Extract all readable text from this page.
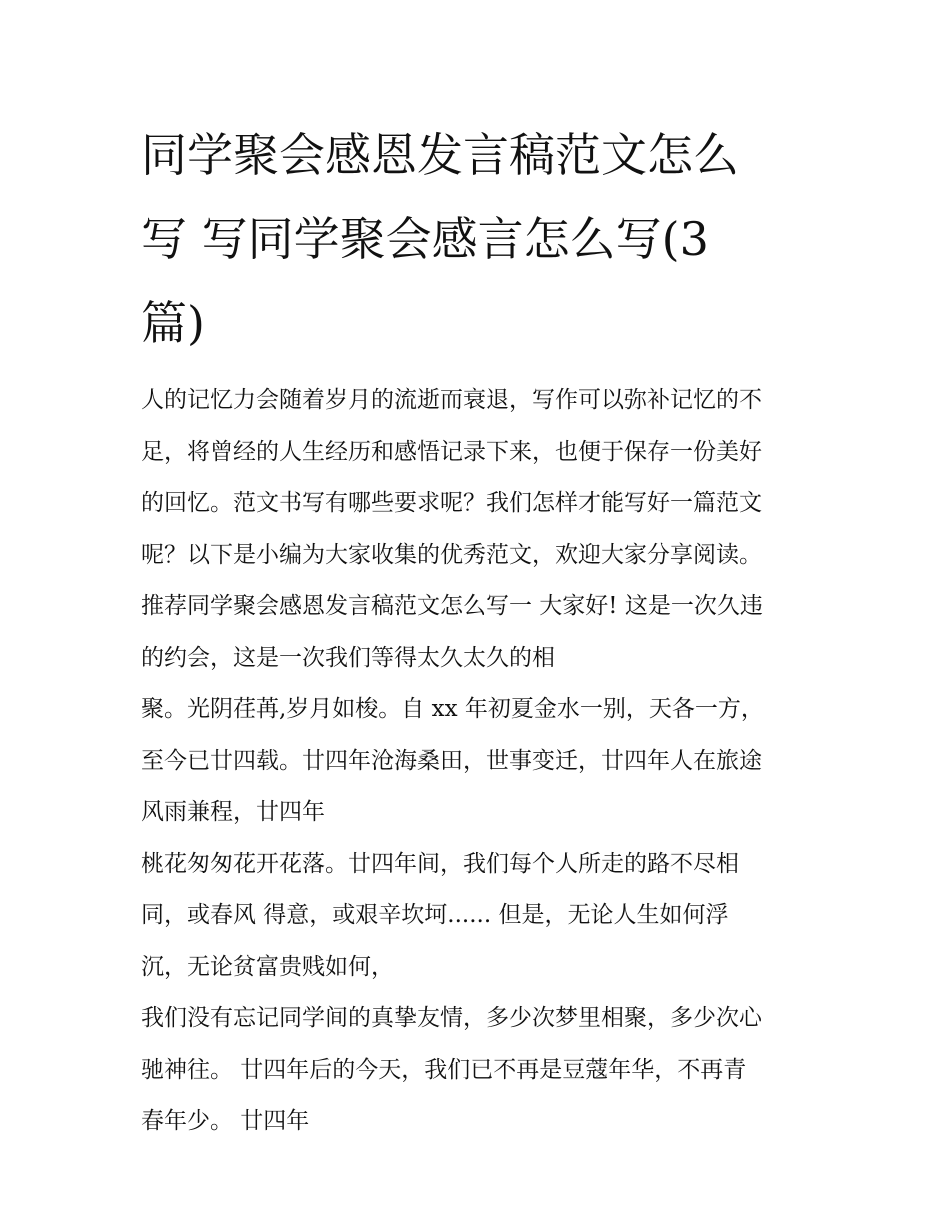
同学聚会感恩发言稿范文怎么
写 写同学聚会感言怎么写(3
篇)
人的记忆力会随着岁月的流逝而衰退，写作可以弥补记忆的不
足，将曾经的人生经历和感悟记录下来，也便于保存一份美好
的回忆。范文书写有哪些要求呢？我们怎样才能写好一篇范文
呢？以下是小编为大家收集的优秀范文，欢迎大家分享阅读。
推荐同学聚会感恩发言稿范文怎么写一 大家好! 这是一次久违
的约会，这是一次我们等得太久太久的相
聚。光阴荏苒,岁月如梭。自 xx 年初夏金水一别，天各一方，
至今已廿四载。廿四年沧海桑田，世事变迁，廿四年人在旅途
风雨兼程，廿四年
桃花匆匆花开花落。廿四年间，我们每个人所走的路不尽相
同，或春风 得意，或艰辛坎坷...... 但是，无论人生如何浮
沉，无论贫富贵贱如何，
我们没有忘记同学间的真挚友情，多少次梦里相聚，多少次心
驰神往。 廿四年后的今天，我们已不再是豆蔻年华，不再青
春年少。 廿四年
